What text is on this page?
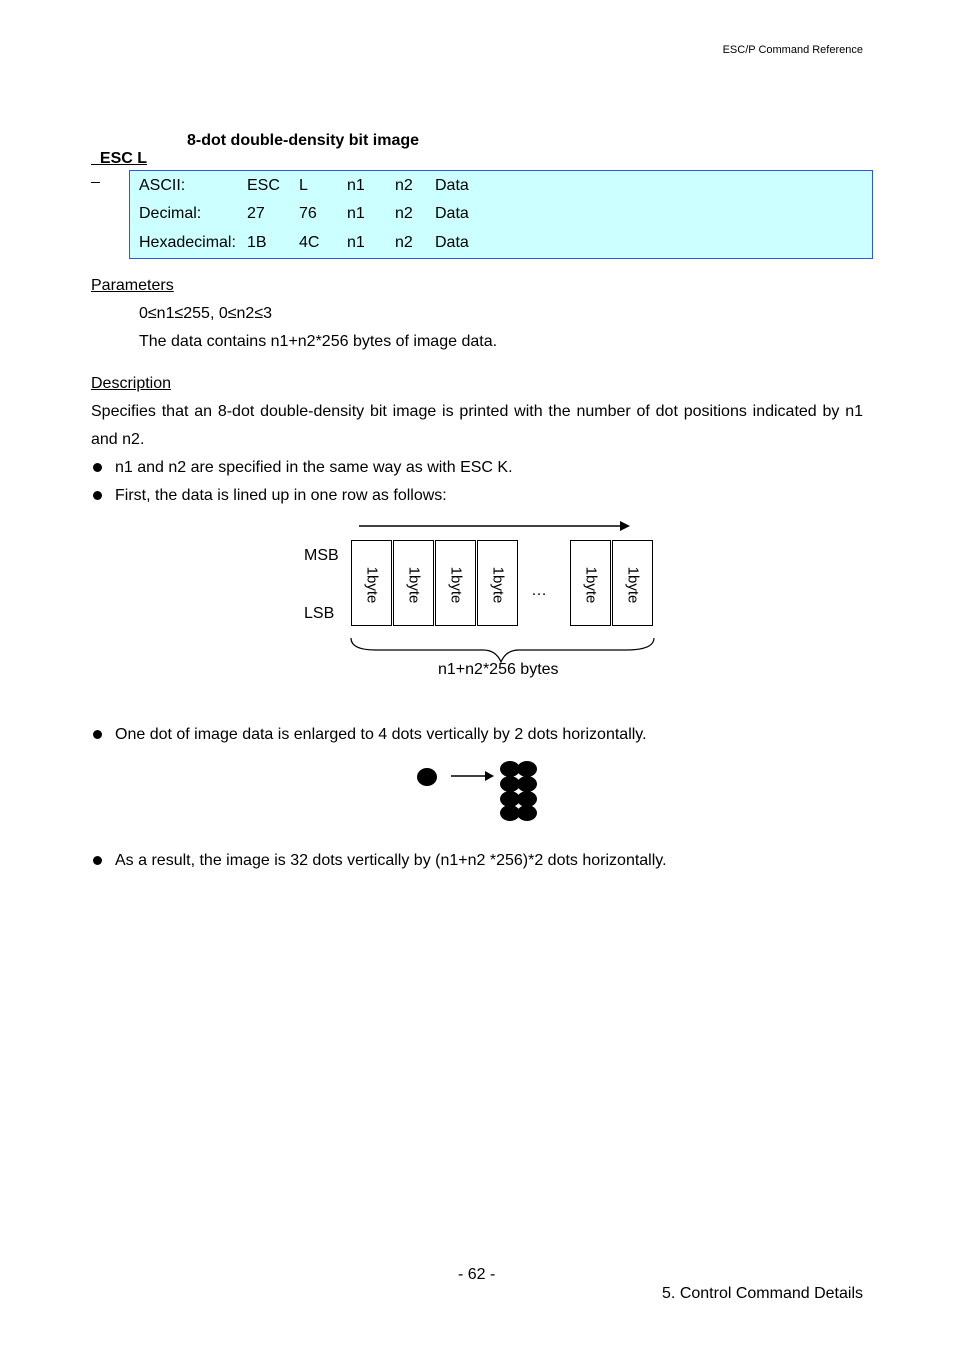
ESC/P Command Reference

ESC L

8-dot double-density bit image

ASCII:	ESC L n1 n2 Data
Decimal:	27 76 n1 n2 Data
Hexadecimal: 1B 4C n1 n2 Data
Parameters
0≤n1≤255, 0≤n2≤3
The data contains n1+n2*256 bytes of image data.
Description
Specifies that an 8-dot double-density bit image is printed with the number of dot positions indicated by n1
and n2.
n1 and n2 are specified in the same way as with ESC K.
First, the data is lined up in one row as follows:
MSB
LSB
1byte 1byte 1byte 1byte … 1byte 1byte
n1+n2*256 bytes
One dot of image data is enlarged to 4 dots vertically by 2 dots horizontally.
As a result, the image is 32 dots vertically by (n1+n2 *256)*2 dots horizontally.
- 62 -
5. Control Command Details
